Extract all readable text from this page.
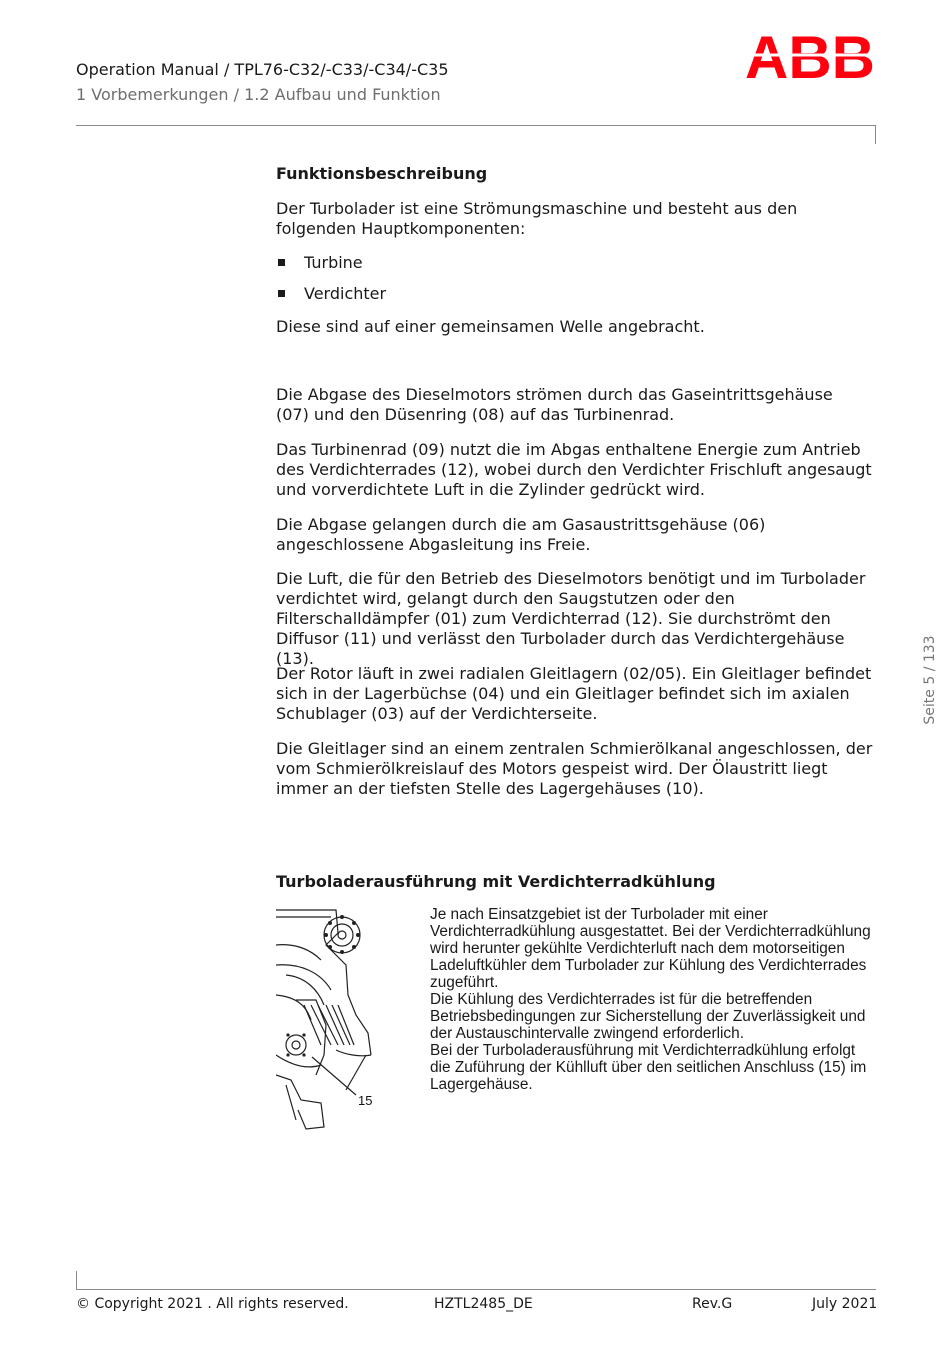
Operation Manual / TPL76-C32/-C33/-C34/-C35
1 Vorbemerkungen / 1.2 Aufbau und Funktion
ABB
Funktionsbeschreibung

Der Turbolader ist eine Strömungsmaschine und besteht aus den folgenden Hauptkomponenten:

Turbine
Verdichter

Diese sind auf einer gemeinsamen Welle angebracht.

Die Abgase des Dieselmotors strömen durch das Gaseintrittsgehäuse (07) und den Düsenring (08) auf das Turbinenrad.

Das Turbinenrad (09) nutzt die im Abgas enthaltene Energie zum Antrieb des Verdichterrades (12), wobei durch den Verdichter Frischluft angesaugt und vorverdichtete Luft in die Zylinder gedrückt wird.

Die Abgase gelangen durch die am Gasaustrittsgehäuse (06) angeschlossene Abgasleitung ins Freie.

Die Luft, die für den Betrieb des Dieselmotors benötigt und im Turbolader verdichtet wird, gelangt durch den Saugstutzen oder den Filterschalldämpfer (01) zum Verdichterrad (12). Sie durchströmt den Diffusor (11) und verlässt den Turbolader durch das Verdichtergehäuse (13).

Der Rotor läuft in zwei radialen Gleitlagern (02/05). Ein Gleitlager befindet sich in der Lagerbüchse (04) und ein Gleitlager befindet sich im axialen Schublager (03) auf der Verdichterseite.

Die Gleitlager sind an einem zentralen Schmierölkanal angeschlossen, der vom Schmierölkreislauf des Motors gespeist wird. Der Ölaustritt liegt immer an der tiefsten Stelle des Lagergehäuses (10).

Turboladerausführung mit Verdichterradkühlung
15

Je nach Einsatzgebiet ist der Turbolader mit einer Verdichterradkühlung ausgestattet. Bei der Verdichterradkühlung wird herunter gekühlte Verdichterluft nach dem motorseitigen Ladeluftkühler dem Turbolader zur Kühlung des Verdichterrades zugeführt.

Die Kühlung des Verdichterrades ist für die betreffenden Betriebsbedingungen zur Sicherstellung der Zuverlässigkeit und der Austauschintervalle zwingend erforderlich.

Bei der Turboladerausführung mit Verdichterradkühlung erfolgt die Zuführung der Kühlluft über den seitlichen Anschluss (15) im Lagergehäuse.

Seite 5 / 133
© Copyright 2021 . All rights reserved.	HZTL2485_DE	Rev.G	July 2021
